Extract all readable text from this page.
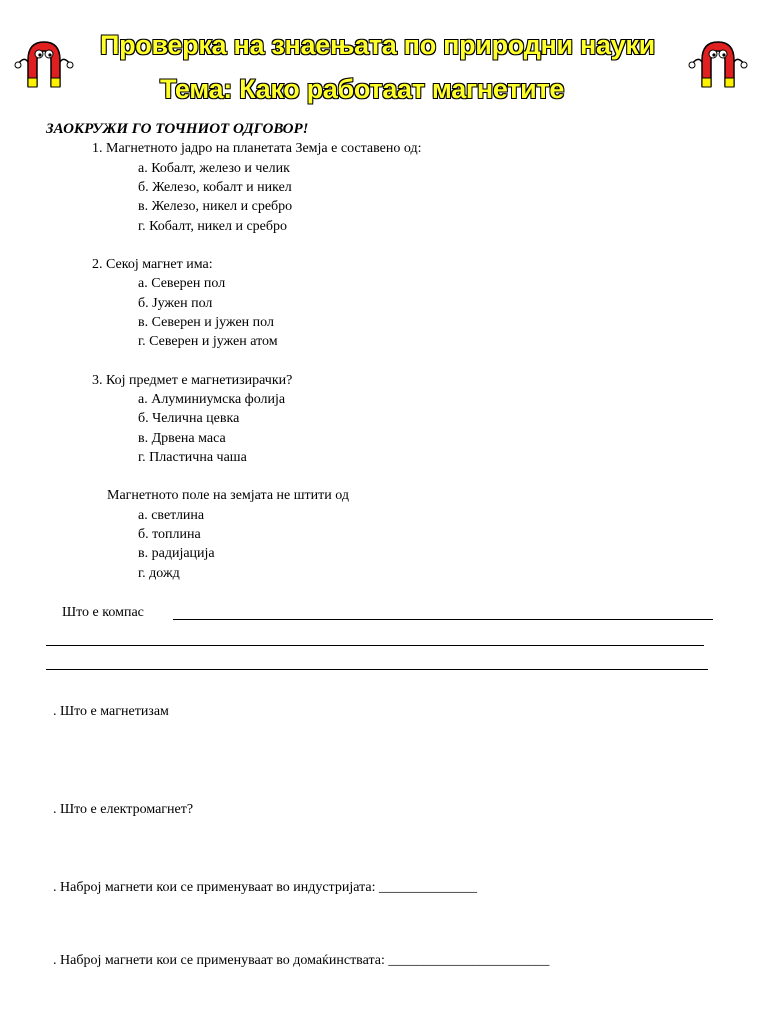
Проверка на знаењата по природни науки
Тема: Како работаат магнетите
ЗАОКРУЖИ ГО ТОЧНИОТ ОДГОВОР!
1. Магнетното јадро на планетата Земја е составено од:
а. Кобалт, железо и челик
б. Железо, кобалт и никел
в. Железо, никел и сребро
г. Кобалт, никел и сребро
2. Секој магнет има:
а. Северен пол
б. Јужен пол
в. Северен и јужен пол
г. Северен и јужен атом
3. Кој предмет е магнетизирачки?
а. Алуминиумска фолија
б. Челична цевка
в. Дрвена маса
г. Пластична чаша
Магнетното поле на земјата не штити од
а. светлина
б. топлина
в. радијација
г. дожд
Што е компас
. Што е магнетизам
. Што е електромагнет?
. Наброј магнети кои се применуваат во индустријата: ______________
. Наброј магнети кои се применуваат во домаќинствата: _______________________
